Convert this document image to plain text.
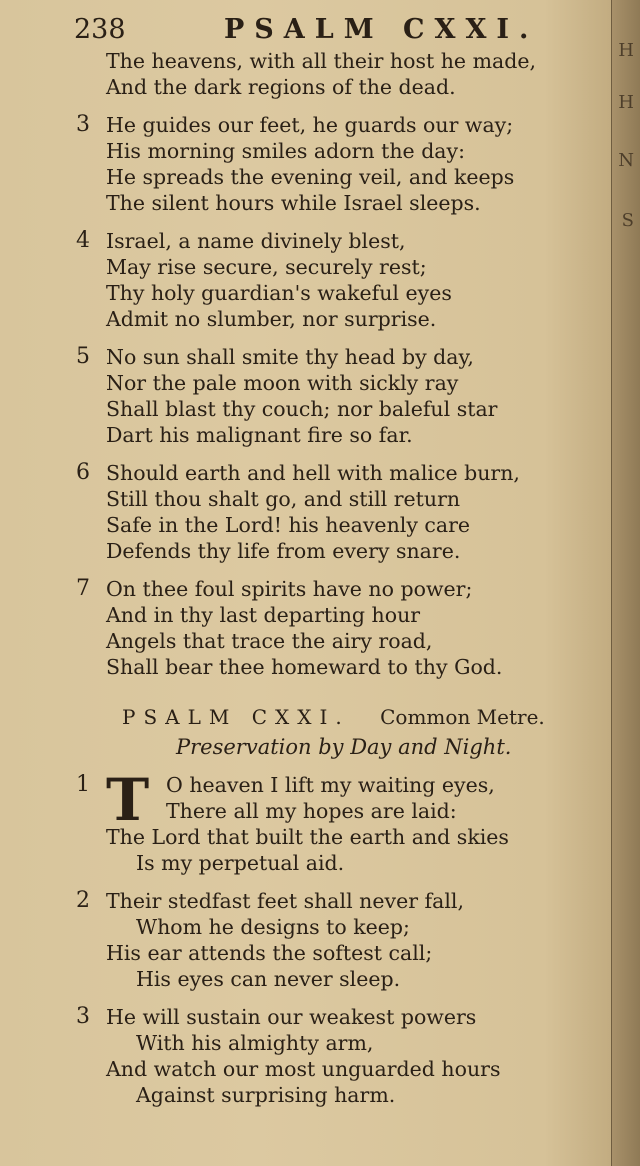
H
H
N
S
238	PSALM CXXI.
The heavens, with all their host he made,
And the dark regions of the dead.
3 He guides our feet, he guards our way;
His morning smiles adorn the day:
He spreads the evening veil, and keeps
The silent hours while Israel sleeps.
4 Israel, a name divinely blest,
May rise secure, securely rest;
Thy holy guardian's wakeful eyes
Admit no slumber, nor surprise.
5 No sun shall smite thy head by day,
Nor the pale moon with sickly ray
Shall blast thy couch; nor baleful star
Dart his malignant fire so far.
6 Should earth and hell with malice burn,
Still thou shalt go, and still return
Safe in the Lord! his heavenly care
Defends thy life from every snare.
7 On thee foul spirits have no power;
And in thy last departing hour
Angels that trace the airy road,
Shall bear thee homeward to thy God.
PSALM CXXI. Common Metre.
Preservation by Day and Night.
1 T O heaven I lift my waiting eyes,
There all my hopes are laid:
The Lord that built the earth and skies
Is my perpetual aid.
2 Their stedfast feet shall never fall,
Whom he designs to keep;
His ear attends the softest call;
His eyes can never sleep.
3 He will sustain our weakest powers
With his almighty arm,
And watch our most unguarded hours
Against surprising harm.
